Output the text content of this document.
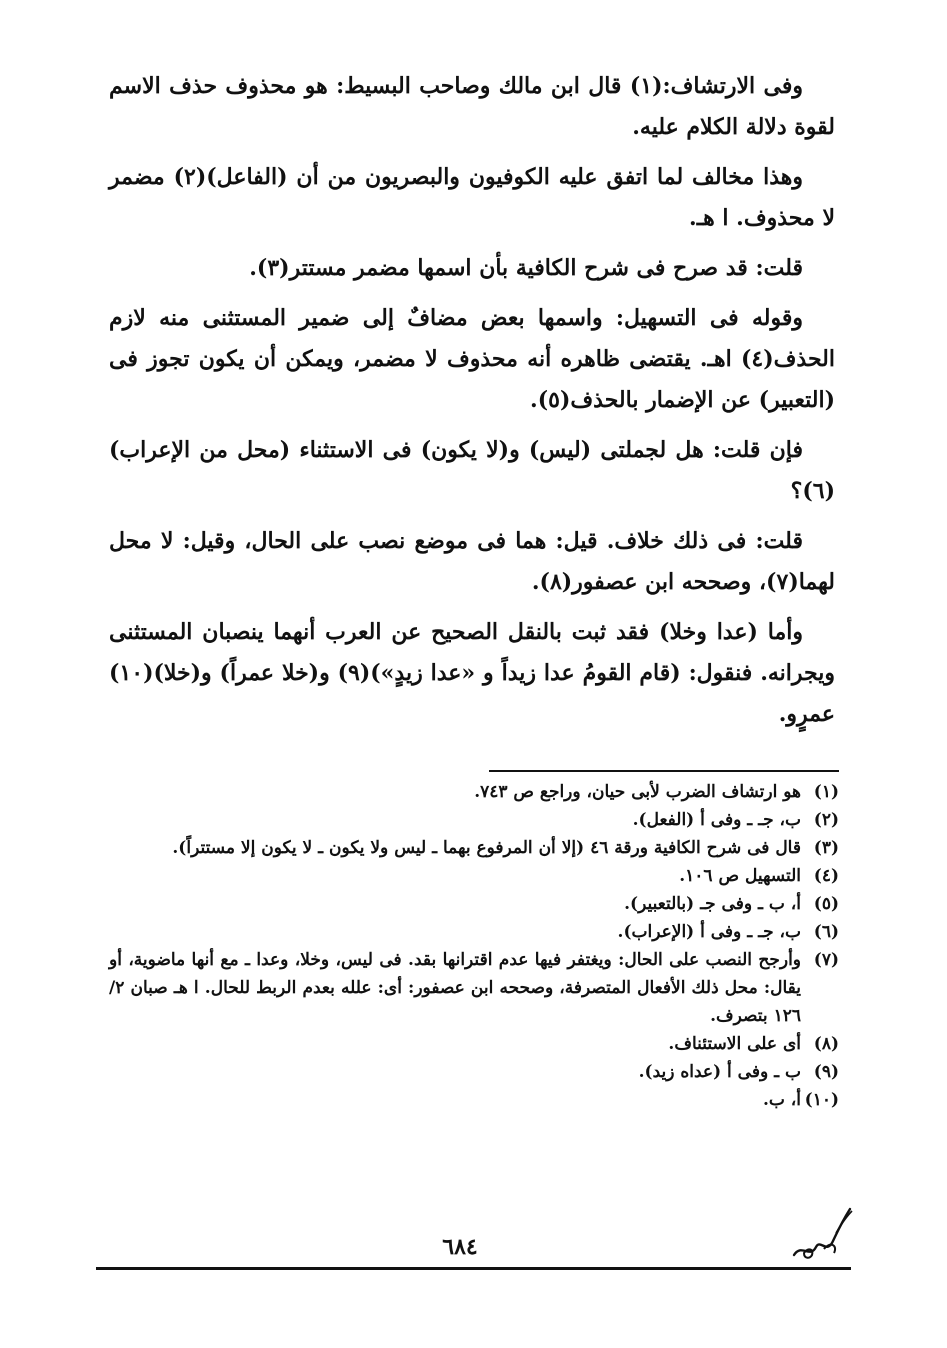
وفى الارتشاف:(١) قال ابن مالك وصاحب البسيط: هو محذوف حذف الاسم لقوة دلالة الكلام عليه.

وهذا مخالف لما اتفق عليه الكوفيون والبصريون من أن (الفاعل)(٢) مضمر لا محذوف. ا هـ.

قلت: قد صرح فى شرح الكافية بأن اسمها مضمر مستتر(٣).

وقوله فى التسهيل: واسمها بعض مضافٌ إلى ضمير المستثنى منه لازم الحذف(٤) اهـ. يقتضى ظاهره أنه محذوف لا مضمر، ويمكن أن يكون تجوز فى (التعبير) عن الإضمار بالحذف(٥).

فإن قلت: هل لجملتى (ليس) و(لا يكون) فى الاستثناء (محل من الإعراب)(٦)؟

قلت: فى ذلك خلاف. قيل: هما فى موضع نصب على الحال، وقيل: لا محل لهما(٧)، وصححه ابن عصفور(٨).

وأما (عدا وخلا) فقد ثبت بالنقل الصحيح عن العرب أنهما ينصبان المستثنى ويجرانه. فنقول: (قام القومُ عدا زيداً و «عدا زيدٍ»)(٩) و(خلا عمراً) و(خلا)(١٠) عمرٍو.

(١)
هو ارتشاف الضرب لأبى حيان، وراجع ص ٧٤٣.
(٢)
ب، جـ ـ وفى أ (الفعل).
(٣)
قال فى شرح الكافية ورقة ٤٦ (إلا أن المرفوع بهما ـ ليس ولا يكون ـ لا يكون إلا مستتراً).
(٤)
التسهيل ص ١٠٦.
(٥)
أ، ب ـ وفى جـ (بالتعبير).
(٦)
ب، جـ ـ وفى أ (الإعراب).
(٧)
وأرجح النصب على الحال: ويغتفر فيها عدم اقترانها بقد. فى ليس، وخلا، وعدا ـ مع أنها ماضوية، أو يقال: محل ذلك الأفعال المتصرفة، وصححه ابن عصفور: أى: علله بعدم الربط للحال. ا هـ صبان ٢/ ١٢٦ بتصرف.
(٨)
أى على الاستئناف.
(٩)
ب ـ وفى أ (عداه زيد).
(١٠)
أ، ب.
٦٨٤
